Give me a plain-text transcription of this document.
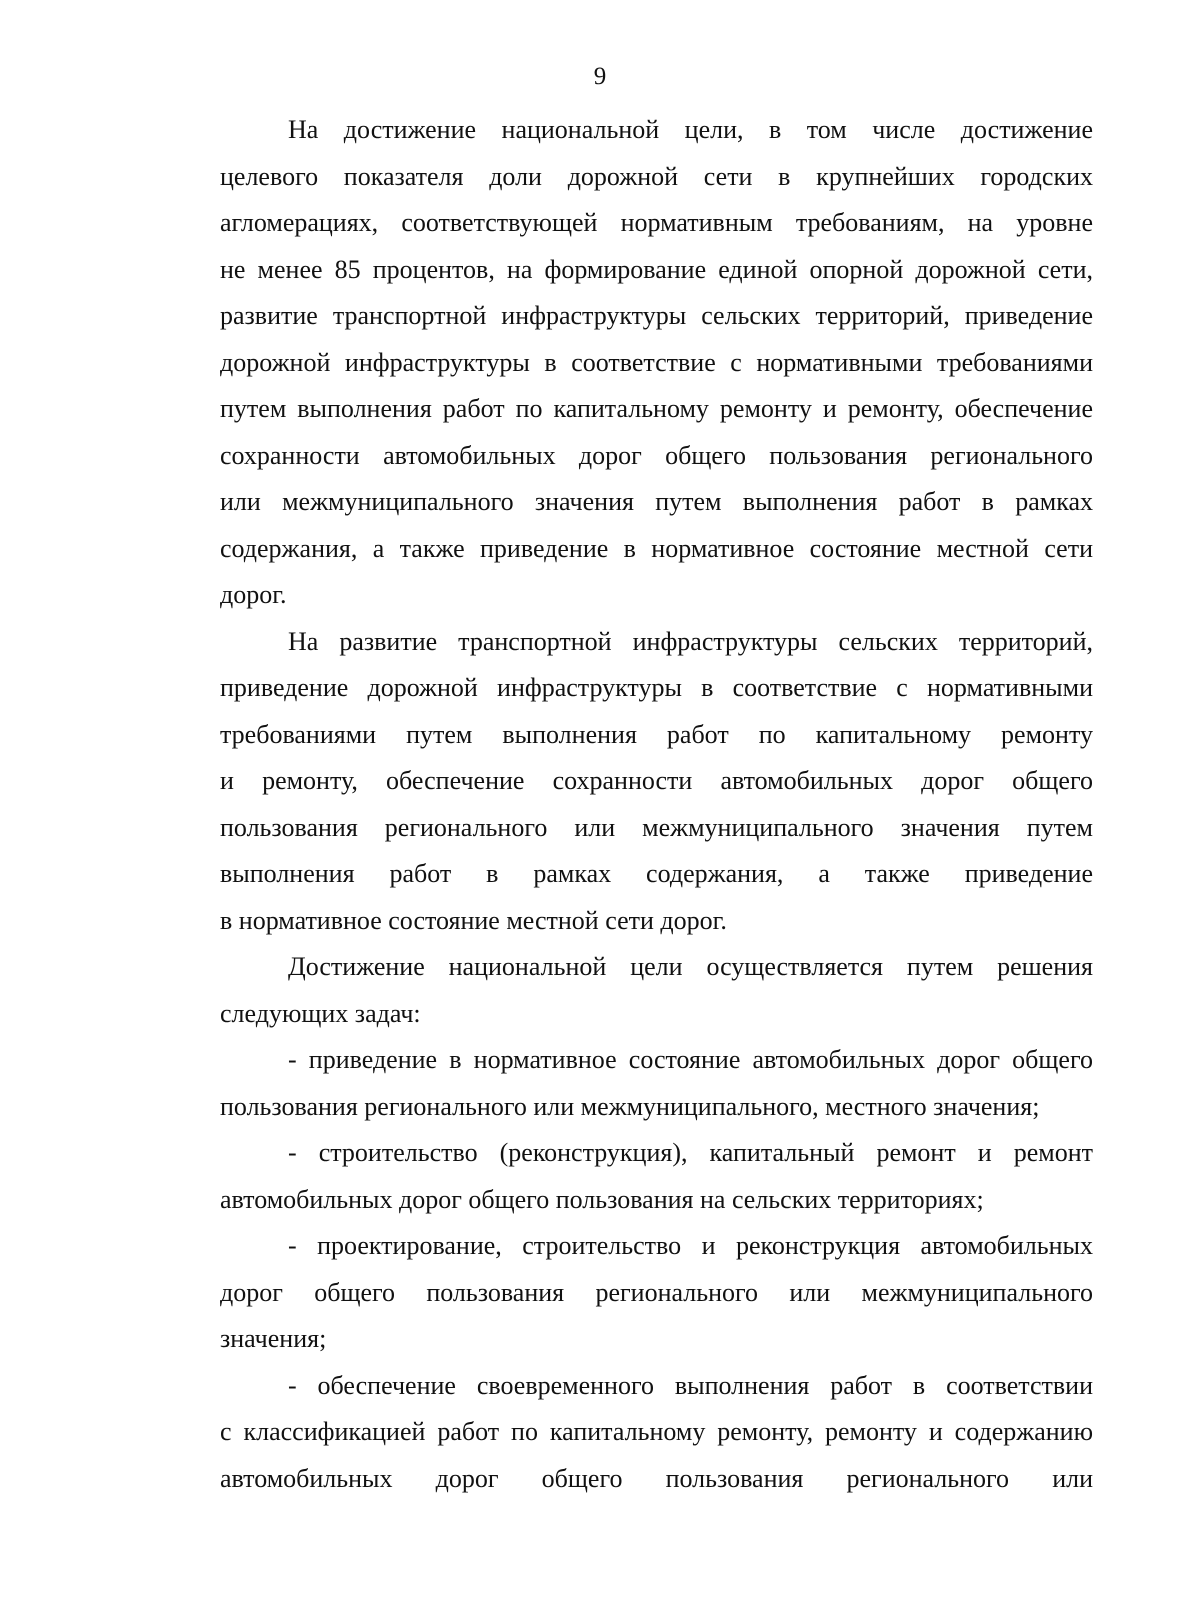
9
На достижение национальной цели, в том числе достижение
целевого показателя доли дорожной сети в крупнейших городских
агломерациях, соответствующей нормативным требованиям, на уровне
не менее 85 процентов, на формирование единой опорной дорожной сети,
развитие транспортной инфраструктуры сельских территорий, приведение
дорожной инфраструктуры в соответствие с нормативными требованиями
путем выполнения работ по капитальному ремонту и ремонту, обеспечение
сохранности автомобильных дорог общего пользования регионального
или межмуниципального значения путем выполнения работ в рамках
содержания, а также приведение в нормативное состояние местной сети
дорог.
На развитие транспортной инфраструктуры сельских территорий,
приведение дорожной инфраструктуры в соответствие с нормативными
требованиями путем выполнения работ по капитальному ремонту
и ремонту, обеспечение сохранности автомобильных дорог общего
пользования регионального или межмуниципального значения путем
выполнения работ в рамках содержания, а также приведение
в нормативное состояние местной сети дорог.
Достижение национальной цели осуществляется путем решения
следующих задач:
- приведение в нормативное состояние автомобильных дорог общего
пользования регионального или межмуниципального, местного значения;
- строительство (реконструкция), капитальный ремонт и ремонт
автомобильных дорог общего пользования на сельских территориях;
- проектирование, строительство и реконструкция автомобильных
дорог общего пользования регионального или межмуниципального
значения;
- обеспечение своевременного выполнения работ в соответствии
с классификацией работ по капитальному ремонту, ремонту и содержанию
автомобильных дорог общего пользования регионального или
